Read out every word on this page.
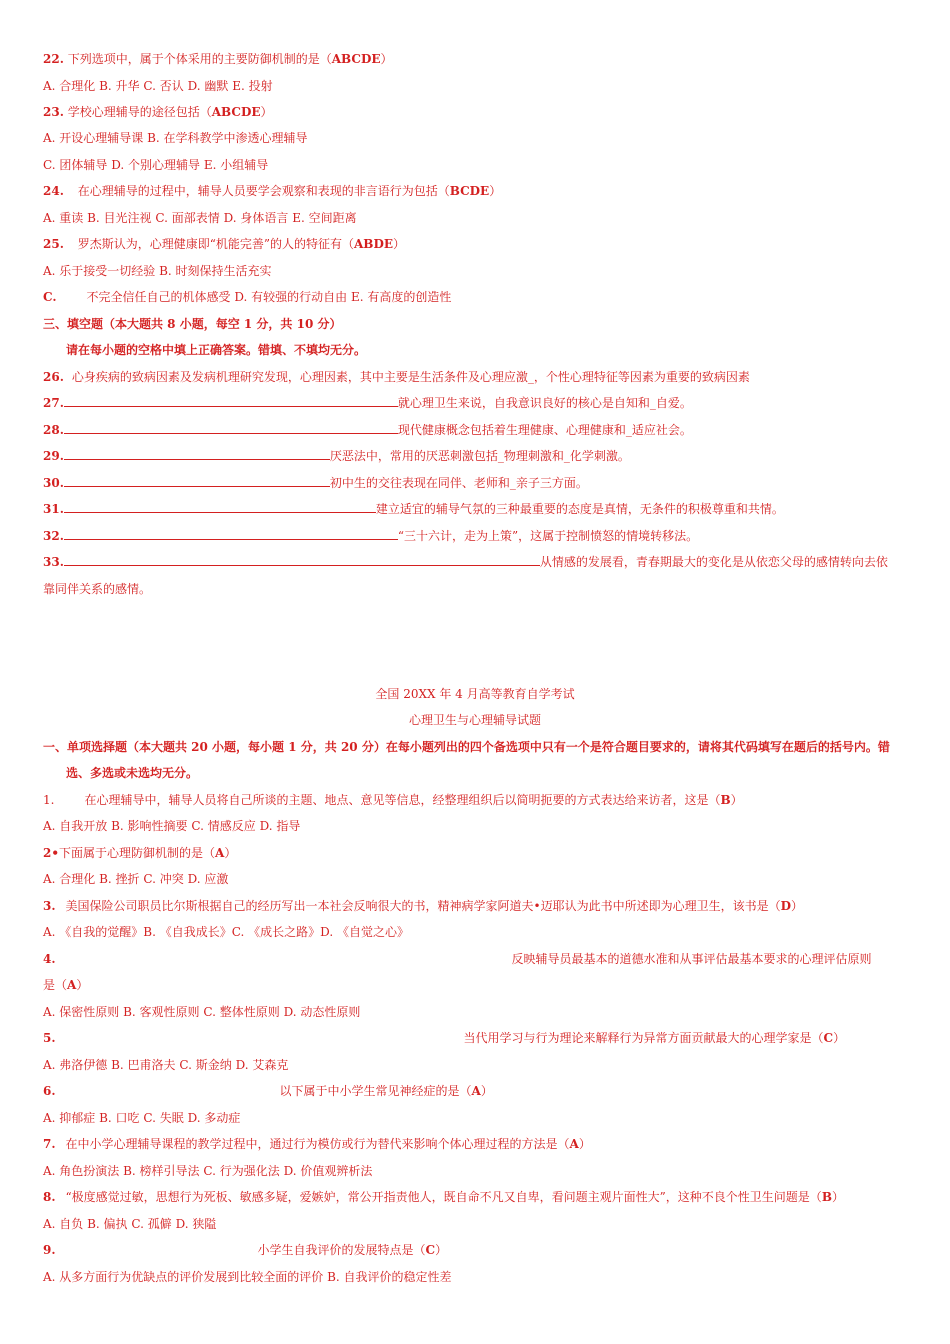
22. 下列选项中，属于个体采用的主要防御机制的是（ABCDE）
A. 合理化 B. 升华 C. 否认 D. 幽默 E. 投射
23. 学校心理辅导的途径包括（ABCDE）
A. 开设心理辅导课 B. 在学科教学中渗透心理辅导
C. 团体辅导 D. 个别心理辅导 E. 小组辅导
24. 在心理辅导的过程中，辅导人员要学会观察和表现的非言语行为包括（BCDE）
A. 重读 B. 目光注视 C. 面部表情 D. 身体语言 E. 空间距离
25. 罗杰斯认为，心理健康即“机能完善”的人的特征有（ABDE）
A. 乐于接受一切经验 B. 时刻保持生活充实
C.	不完全信任自己的机体感受 D. 有较强的行动自由 E. 有高度的创造性
三、填空题（本大题共 8 小题，每空 1 分，共 10 分）
请在每小题的空格中填上正确答案。错填、不填均无分。
26. 心身疾病的致病因素及发病机理研究发现，心理因素，其中主要是生活条件及心理应激_，个性心理特征等因素为重要的致病因素
27.	就心理卫生来说，自我意识良好的核心是自知和_自爱。
28.	现代健康概念包括着生理健康、心理健康和_适应社会。
29.	厌恶法中，常用的厌恶刺激包括_物理刺激和_化学刺激。
30.	初中生的交往表现在同伴、老师和_亲子三方面。
31.	建立适宜的辅导气氛的三种最重要的态度是真情，无条件的积极尊重和共情。
32.	“三十六计，走为上策”，这属于控制愤怒的情境转移法。
33.	从情感的发展看，青春期最大的变化是从依恋父母的感情转向去依
靠同伴关系的感情。
全国 20XX 年 4 月高等教育自学考试
心理卫生与心理辅导试题
一、单项选择题（本大题共 20 小题，每小题 1 分，共 20 分）在每小题列出的四个备选项中只有一个是符合题目要求的，请将其代码填写在题后的括号内。错
选、多选或未选均无分。
1.	在心理辅导中，辅导人员将自己所谈的主题、地点、意见等信息，经整理组织后以简明扼要的方式表达给来访者，这是（B）
A. 自我开放 B. 影响性摘要 C. 情感反应 D. 指导
2•下面属于心理防御机制的是（A）
A. 合理化 B. 挫折 C. 冲突 D. 应激
3. 美国保险公司职员比尔斯根据自己的经历写出一本社会反响很大的书，精神病学家阿道夫•迈耶认为此书中所述即为心理卫生，该书是（D）
A. 《自我的觉醒》B. 《自我成长》C. 《成长之路》D. 《自觉之心》
4.	反映辅导员最基本的道德水准和从事评估最基本要求的心理评估原则
是（A）
A. 保密性原则 B. 客观性原则 C. 整体性原则 D. 动态性原则
5.	当代用学习与行为理论来解释行为异常方面贡献最大的心理学家是（C）
A. 弗洛伊德 B. 巴甫洛夫 C. 斯金纳 D. 艾森克
6.	以下属于中小学生常见神经症的是（A）
A. 抑郁症 B. 口吃 C. 失眠 D. 多动症
7. 在中小学心理辅导课程的教学过程中，通过行为模仿或行为替代来影响个体心理过程的方法是（A）
A. 角色扮演法 B. 榜样引导法 C. 行为强化法 D. 价值观辨析法
8. “极度感觉过敏，思想行为死板、敏感多疑，爱嫉妒，常公开指责他人，既自命不凡又自卑，看问题主观片面性大”，这种不良个性卫生问题是（B）
A. 自负 B. 偏执 C. 孤僻 D. 狭隘
9.	小学生自我评价的发展特点是（C）
A. 从多方面行为优缺点的评价发展到比较全面的评价 B. 自我评价的稳定性差
